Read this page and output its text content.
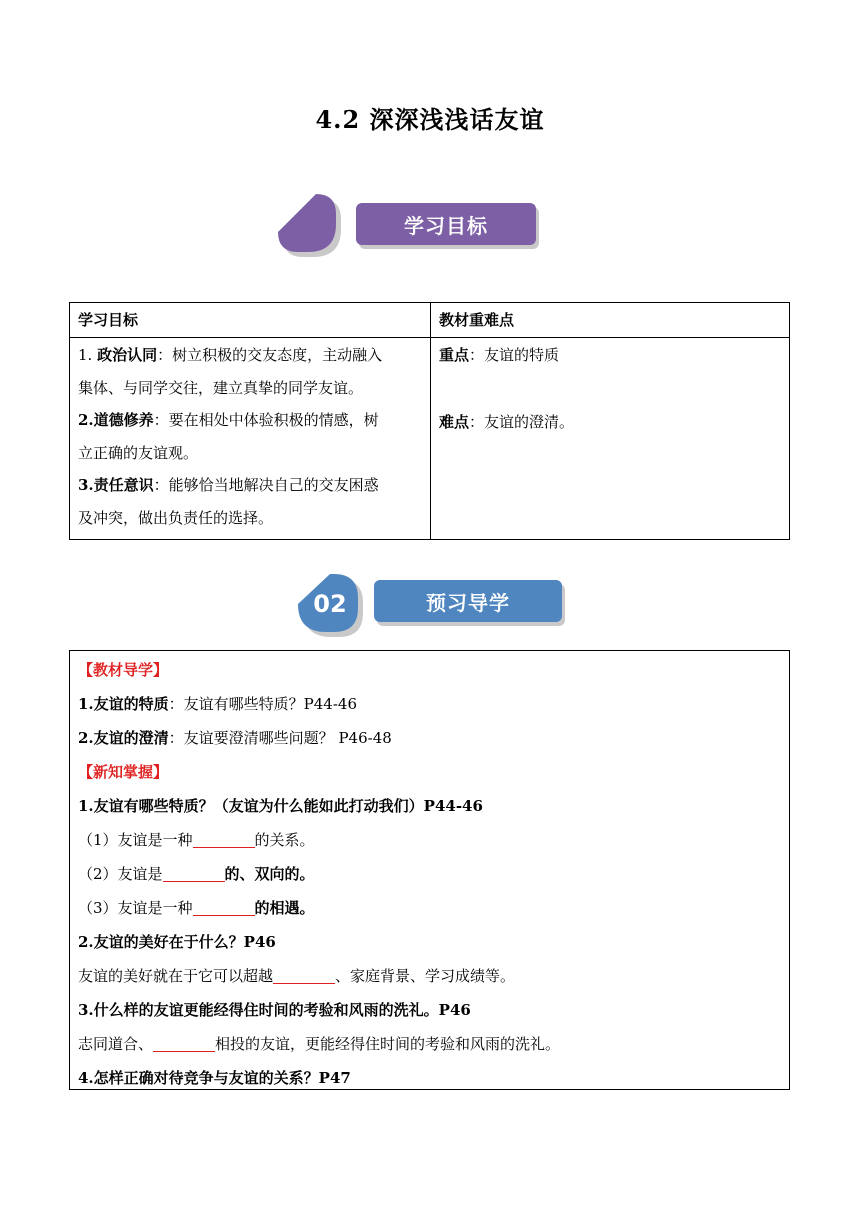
4.2 深深浅浅话友谊
学习目标
学习目标	教材重难点
1. 政治认同：树立积极的交友态度，主动融入
集体、与同学交往，建立真挚的同学友谊。
2.道德修养：要在相处中体验积极的情感，树
立正确的友谊观。
3.责任意识：能够恰当地解决自己的交友困惑
及冲突，做出负责任的选择。
重点：友谊的特质
难点：友谊的澄清。
02	预习导学
【教材导学】
1.友谊的特质：友谊有哪些特质？P44-46
2.友谊的澄清：友谊要澄清哪些问题？ P46-48
【新知掌握】
1.友谊有哪些特质？（友谊为什么能如此打动我们）P44-46
（1）友谊是一种	的关系。
（2）友谊是	的、双向的。
（3）友谊是一种	的相遇。
2.友谊的美好在于什么？P46
友谊的美好就在于它可以超越	、家庭背景、学习成绩等。
3.什么样的友谊更能经得住时间的考验和风雨的洗礼。P46
志同道合、	相投的友谊，更能经得住时间的考验和风雨的洗礼。
4.怎样正确对待竞争与友谊的关系？P47
